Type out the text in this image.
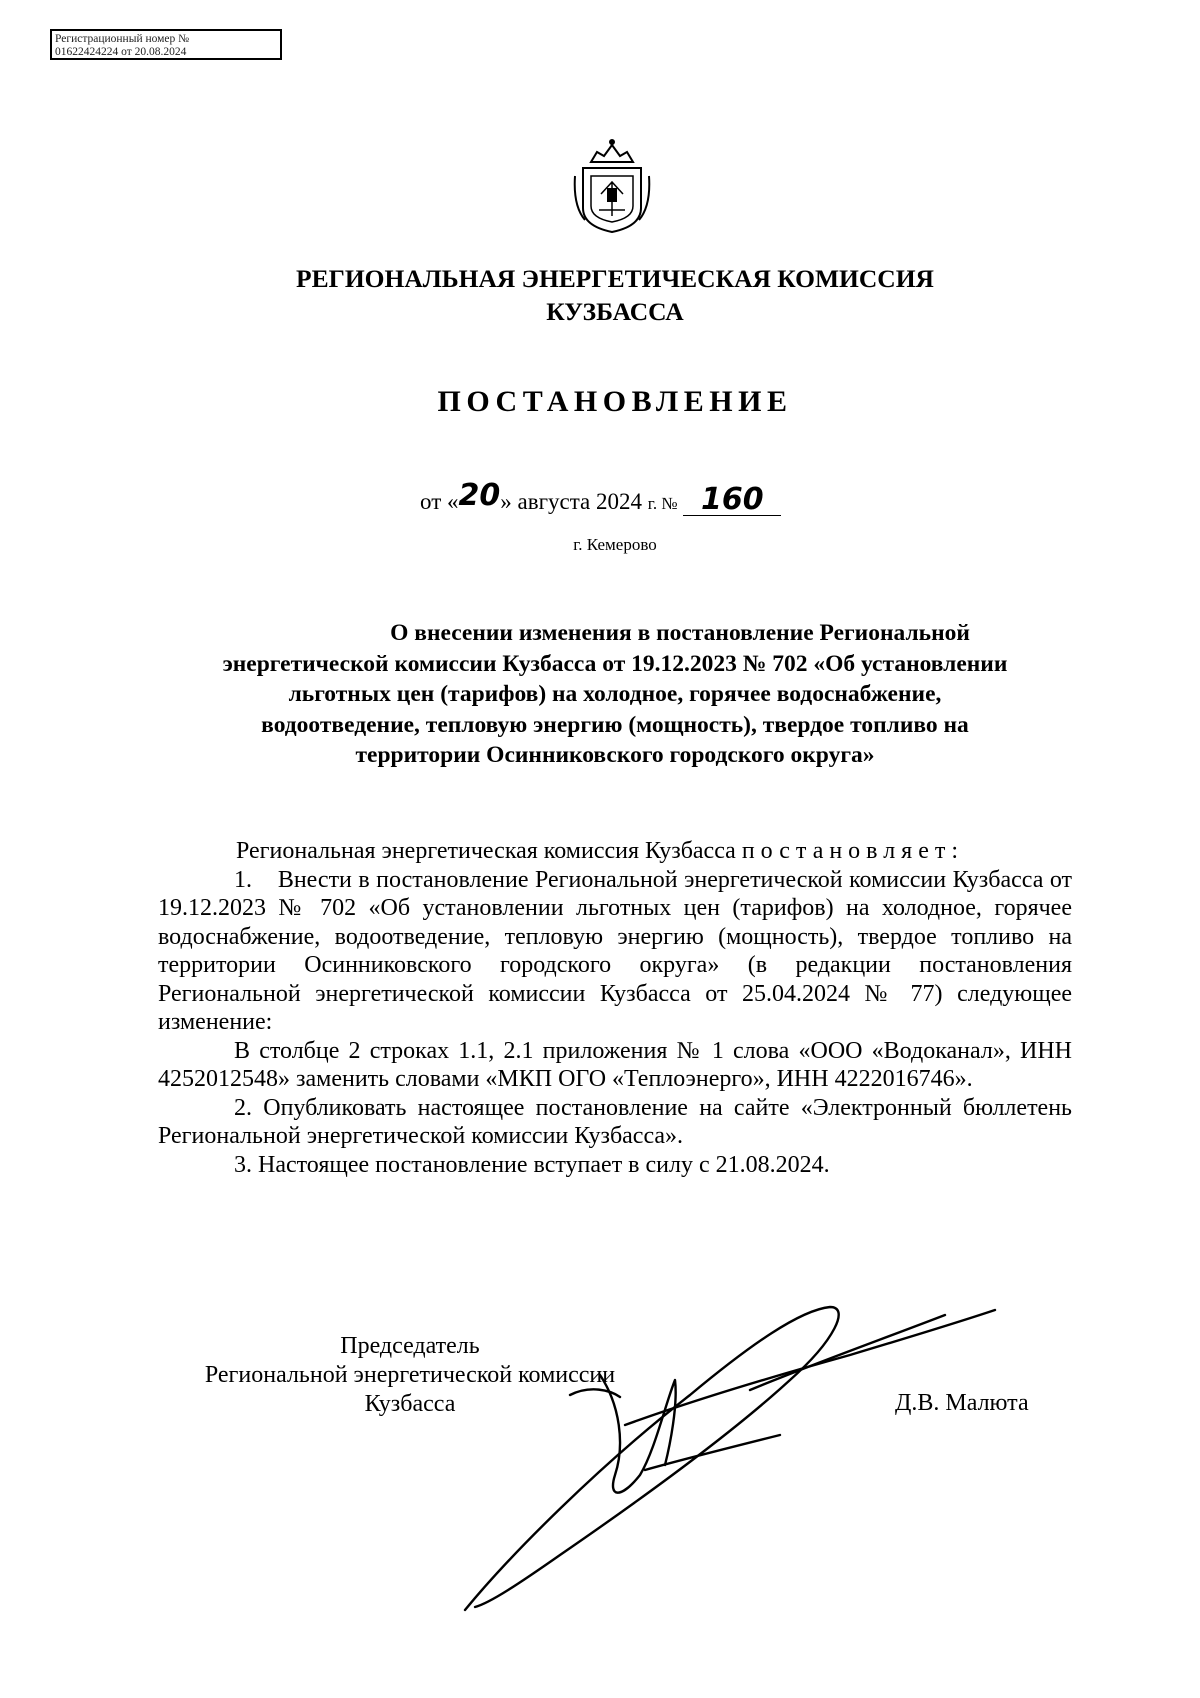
Регистрационный номер №
01622424224 от 20.08.2024
РЕГИОНАЛЬНАЯ ЭНЕРГЕТИЧЕСКАЯ КОМИССИЯ
КУЗБАССА
ПОСТАНОВЛЕНИЕ
от «20» августа 2024 г. № 160
г. Кемерово
О внесении изменения в постановление Региональной
энергетической комиссии Кузбасса от 19.12.2023 № 702 «Об установлении
льготных цен (тарифов) на холодное, горячее водоснабжение,
водоотведение, тепловую энергию (мощность), твердое топливо на
территории Осинниковского городского округа»

Региональная энергетическая комиссия Кузбасса постановляет:

1. Внести в постановление Региональной энергетической комиссии Кузбасса от 19.12.2023 № 702 «Об установлении льготных цен (тарифов) на холодное, горячее водоснабжение, водоотведение, тепловую энергию (мощность), твердое топливо на территории Осинниковского городского округа» (в редакции постановления Региональной энергетической комиссии Кузбасса от 25.04.2024 № 77) следующее изменение:

В столбце 2 строках 1.1, 2.1 приложения № 1 слова «ООО «Водоканал», ИНН 4252012548» заменить словами «МКП ОГО «Теплоэнерго», ИНН 4222016746».

2. Опубликовать настоящее постановление на сайте «Электронный бюллетень Региональной энергетической комиссии Кузбасса».

3. Настоящее постановление вступает в силу с 21.08.2024.

Председатель
Региональной энергетической комиссии
Кузбасса	Д.В. Малюта
